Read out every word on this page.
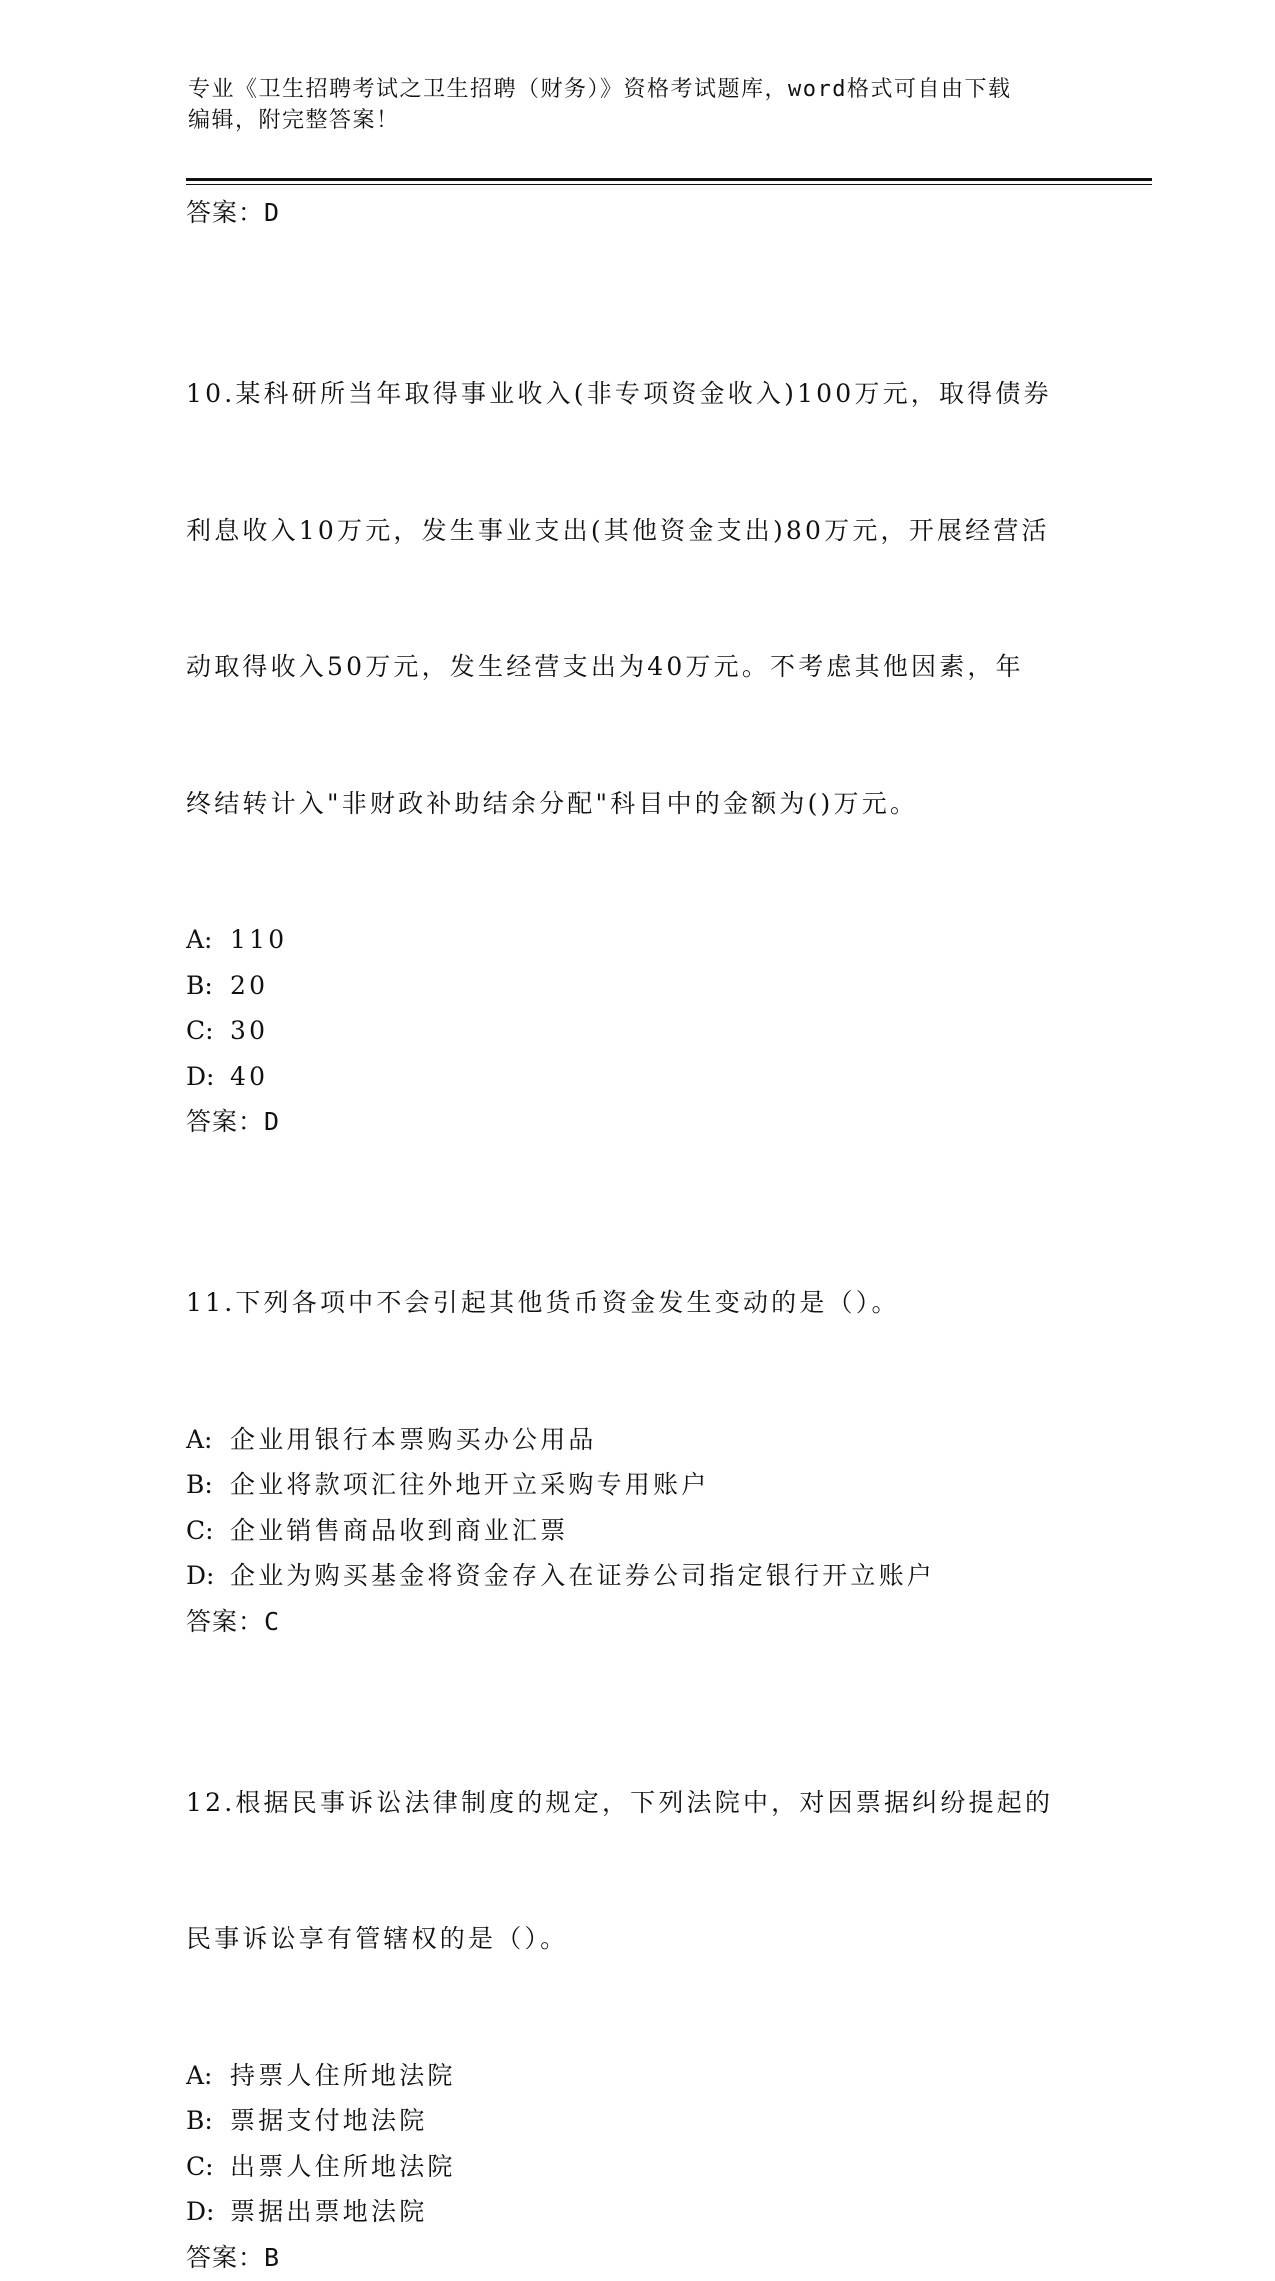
专业《卫生招聘考试之卫生招聘（财务）》资格考试题库，word格式可自由下载
编辑，附完整答案！
答案：D

10.某科研所当年取得事业收入(非专项资金收入)100万元，取得债券

利息收入10万元，发生事业支出(其他资金支出)80万元，开展经营活

动取得收入50万元，发生经营支出为40万元。不考虑其他因素，年

终结转计入"非财政补助结余分配"科目中的金额为()万元。

A: 110
B: 20
C: 30
D: 40
答案：D

11.下列各项中不会引起其他货币资金发生变动的是（）。

A: 企业用银行本票购买办公用品
B: 企业将款项汇往外地开立采购专用账户
C: 企业销售商品收到商业汇票
D: 企业为购买基金将资金存入在证券公司指定银行开立账户
答案：C

12.根据民事诉讼法律制度的规定，下列法院中，对因票据纠纷提起的

民事诉讼享有管辖权的是（）。

A: 持票人住所地法院
B: 票据支付地法院
C: 出票人住所地法院
D: 票据出票地法院
答案：B
